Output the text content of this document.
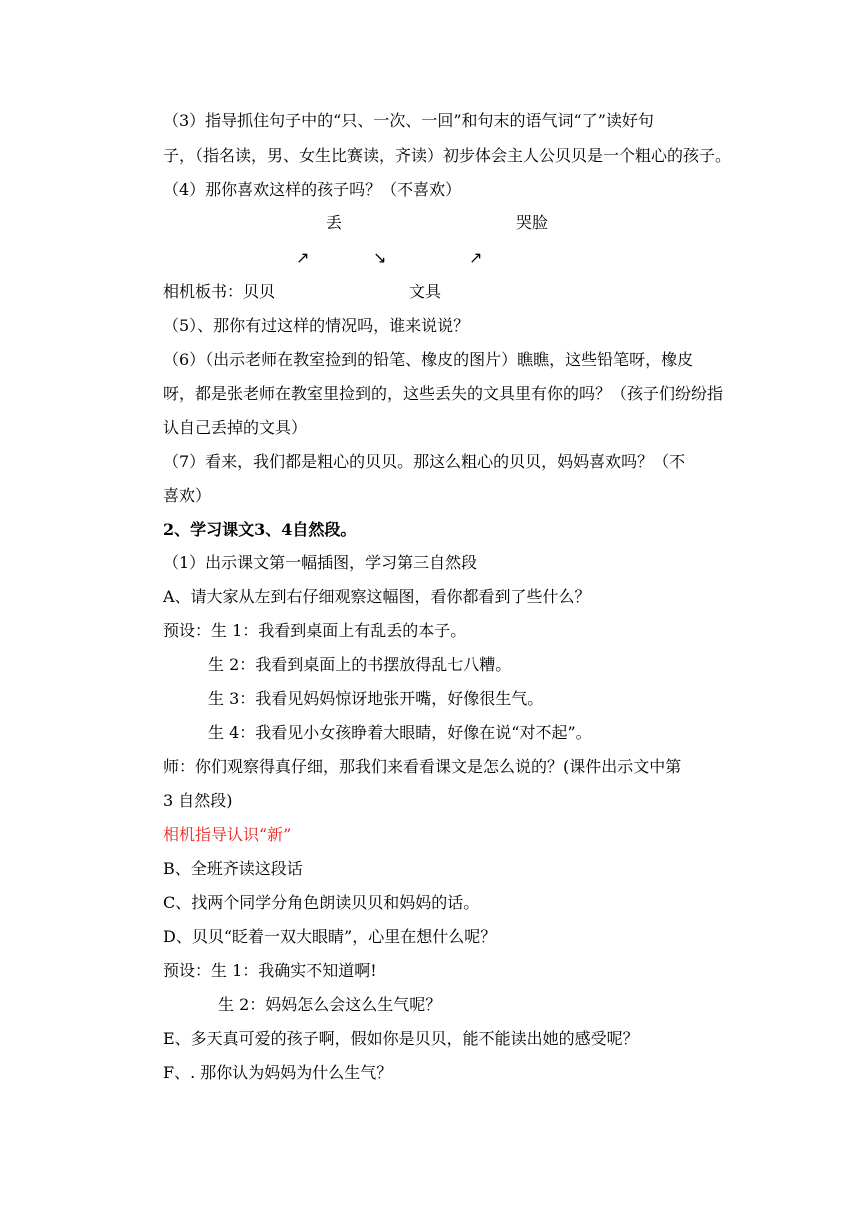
（3）指导抓住句子中的“只、一次、一回”和句末的语气词“了”读好句
子，（指名读，男、女生比赛读，齐读）初步体会主人公贝贝是一个粗心的孩子。
（4）那你喜欢这样的孩子吗？（不喜欢）
丢	哭脸
↗	↘	↗
相机板书：贝贝	文具
（5）、那你有过这样的情况吗，谁来说说？
（6）（出示老师在教室捡到的铅笔、橡皮的图片）瞧瞧，这些铅笔呀，橡皮
呀，都是张老师在教室里捡到的，这些丢失的文具里有你的吗？（孩子们纷纷指
认自己丢掉的文具）
（7）看来，我们都是粗心的贝贝。那这么粗心的贝贝，妈妈喜欢吗？（不
喜欢）
2、学习课文3、4自然段。
（1）出示课文第一幅插图，学习第三自然段
A、请大家从左到右仔细观察这幅图，看你都看到了些什么？
预设：生 1：我看到桌面上有乱丢的本子。
生 2：我看到桌面上的书摆放得乱七八糟。
生 3：我看见妈妈惊讶地张开嘴，好像很生气。
生 4：我看见小女孩睁着大眼睛，好像在说“对不起”。
师：你们观察得真仔细，那我们来看看课文是怎么说的？(课件出示文中第
3 自然段)
相机指导认识“新”
B、全班齐读这段话
C、找两个同学分角色朗读贝贝和妈妈的话。
D、贝贝“眨着一双大眼睛”，心里在想什么呢？
预设：生 1：我确实不知道啊!
生 2：妈妈怎么会这么生气呢？
E、多天真可爱的孩子啊，假如你是贝贝，能不能读出她的感受呢？
F、. 那你认为妈妈为什么生气？
